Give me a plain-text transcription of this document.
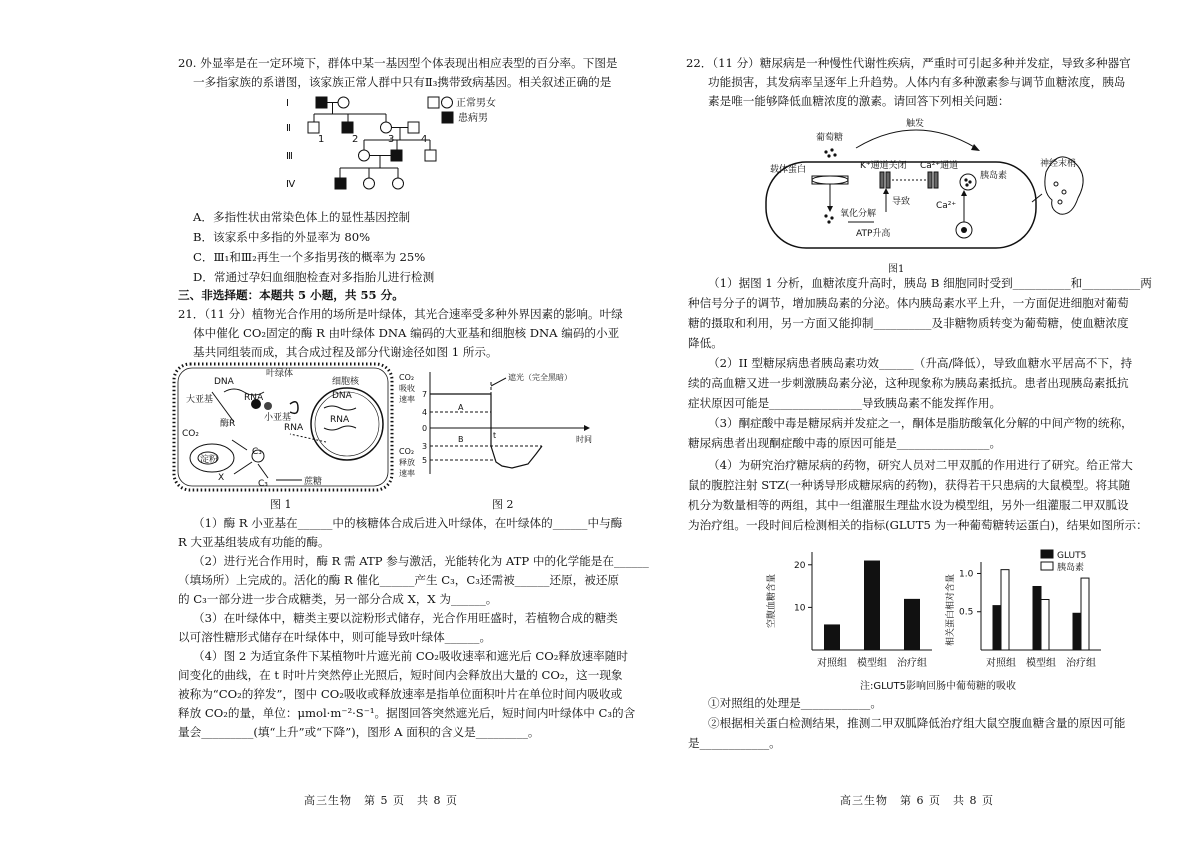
20. 外显率是在一定环境下，群体中某一基因型个体表现出相应表型的百分率。下图是
一多指家族的系谱图，该家族正常人群中只有Ⅱ₃携带致病基因。相关叙述正确的是
Ⅰ
Ⅱ
Ⅲ
Ⅳ
1	2	3	4
正常男女
患病男
A．多指性状由常染色体上的显性基因控制
B．该家系中多指的外显率为 80%
C．Ⅲ₁和Ⅲ₂再生一个多指男孩的概率为 25%
D．常通过孕妇血细胞检查对多指胎儿进行检测
三、非选择题：本题共 5 小题，共 55 分。
21．（11 分）植物光合作用的场所是叶绿体，其光合速率受多种外界因素的影响。叶绿
体中催化 CO₂固定的酶 R 由叶绿体 DNA 编码的大亚基和细胞核 DNA 编码的小亚
基共同组装而成，其合成过程及部分代谢途径如图 1 所示。
叶绿体
细胞核
DNA
DNA
RNA
RNA
RNA
大亚基
小亚基
酶R
CO₂
淀粉
X
C₃
C₃	蔗糖
图 1
CO₂
吸收
速率
CO₂
释放
速率
7
4
0
3
5
遮光（完全黑暗）
A
B	t	时间
图 2
（1）酶 R 小亚基在______中的核糖体合成后进入叶绿体，在叶绿体的______中与酶
R 大亚基组装成有功能的酶。
（2）进行光合作用时，酶 R 需 ATP 参与激活，光能转化为 ATP 中的化学能是在______
（填场所）上完成的。活化的酶 R 催化______产生 C₃，C₃还需被______还原，被还原
的 C₃一部分进一步合成糖类，另一部分合成 X，X 为______。
（3）在叶绿体中，糖类主要以淀粉形式储存，光合作用旺盛时，若植物合成的糖类
以可溶性糖形式储存在叶绿体中，则可能导致叶绿体______。
（4）图 2 为适宜条件下某植物叶片遮光前 CO₂吸收速率和遮光后 CO₂释放速率随时
间变化的曲线，在 t 时叶片突然停止光照后，短时间内会释放出大量的 CO₂，这一现象
被称为“CO₂的猝发”，图中 CO₂吸收或释放速率是指单位面积叶片在单位时间内吸收或
释放 CO₂的量，单位：μmol·m⁻²·S⁻¹。据图回答突然遮光后，短时间内叶绿体中 C₃的含
量会_________(填“上升”或“下降”)，图形 A 面积的含义是_________。
高三生物　第 5 页　共 8 页
22．（11 分）糖尿病是一种慢性代谢性疾病，严重时可引起多种并发症，导致多种器官
功能损害，其发病率呈逐年上升趋势。人体内有多种激素参与调节血糖浓度，胰岛
素是唯一能够降低血糖浓度的激素。请回答下列相关问题：
葡萄糖
触发
载体蛋白	K⁺通道关闭 Ca²⁺通道
胰岛素
神经末梢
导致
氧化分解
ATP升高
Ca²⁺
图1
（1）据图 1 分析，血糖浓度升高时，胰岛 B 细胞同时受到__________和__________两
种信号分子的调节，增加胰岛素的分泌。体内胰岛素水平上升，一方面促进细胞对葡萄
糖的摄取和利用，另一方面又能抑制__________及非糖物质转变为葡萄糖，使血糖浓度
降低。
（2）II 型糖尿病患者胰岛素功效______（升高/降低），导致血糖水平居高不下，持
续的高血糖又进一步刺激胰岛素分泌，这种现象称为胰岛素抵抗。患者出现胰岛素抵抗
症状原因可能是________________导致胰岛素不能发挥作用。
（3）酮症酸中毒是糖尿病并发症之一，酮体是脂肪酸氧化分解的中间产物的统称，
糖尿病患者出现酮症酸中毒的原因可能是________________。
（4）为研究治疗糖尿病的药物，研究人员对二甲双胍的作用进行了研究。给正常大
鼠的腹腔注射 STZ(一种诱导形成糖尿病的药物)，获得若干只患病的大鼠模型。将其随
机分为数量相等的两组，其中一组灌服生理盐水设为模型组，另外一组灌服二甲双胍设
为治疗组。一段时间后检测相关的指标(GLUT5 为一种葡萄糖转运蛋白)，结果如图所示：
10
20
空腹血糖含量
对照组 模型组 治疗组
0.5
1.0
相关蛋白相对含量
对照组 模型组 治疗组
GLUT5
胰岛素
注:GLUT5影响回肠中葡萄糖的吸收
①对照组的处理是____________。
②根据相关蛋白检测结果，推测二甲双胍降低治疗组大鼠空腹血糖含量的原因可能
是____________。
高三生物　第 6 页　共 8 页
